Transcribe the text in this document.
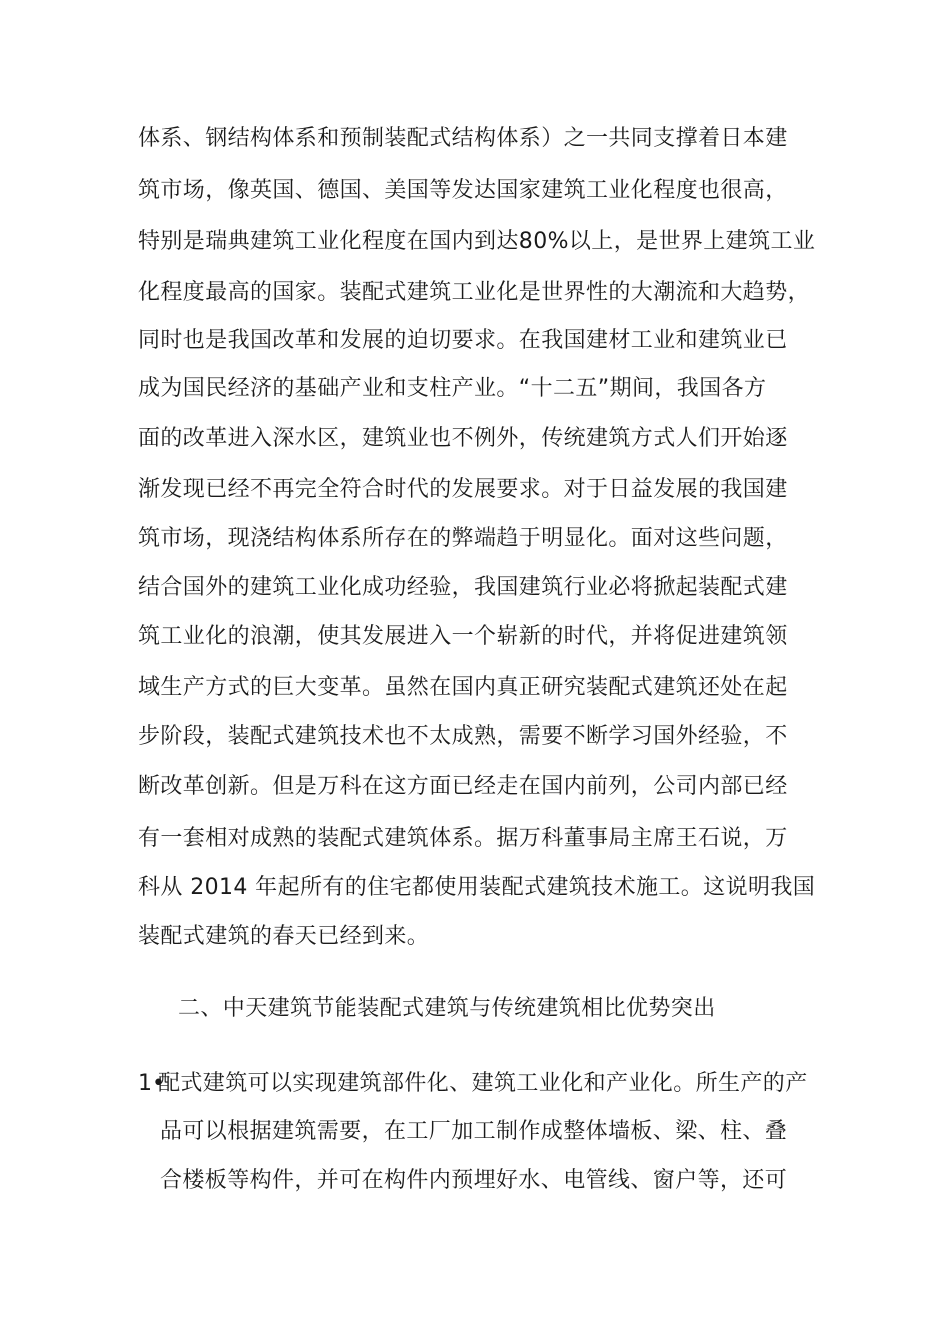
体系、钢结构体系和预制装配式结构体系）之一共同支撑着日本建
筑市场，像英国、德国、美国等发达国家建筑工业化程度也很高，
特别是瑞典建筑工业化程度在国内到达80%以上，是世界上建筑工业
化程度最高的国家。装配式建筑工业化是世界性的大潮流和大趋势，
同时也是我国改革和发展的迫切要求。在我国建材工业和建筑业已
成为国民经济的基础产业和支柱产业。“十二五”期间，我国各方
面的改革进入深水区，建筑业也不例外，传统建筑方式人们开始逐
渐发现已经不再完全符合时代的发展要求。对于日益发展的我国建
筑市场，现浇结构体系所存在的弊端趋于明显化。面对这些问题，
结合国外的建筑工业化成功经验，我国建筑行业必将掀起装配式建
筑工业化的浪潮，使其发展进入一个崭新的时代，并将促进建筑领
域生产方式的巨大变革。虽然在国内真正研究装配式建筑还处在起
步阶段，装配式建筑技术也不太成熟，需要不断学习国外经验，不
断改革创新。但是万科在这方面已经走在国内前列，公司内部已经
有一套相对成熟的装配式建筑体系。据万科董事局主席王石说，万
科从 2014 年起所有的住宅都使用装配式建筑技术施工。这说明我国
装配式建筑的春天已经到来。
二、中天建筑节能装配式建筑与传统建筑相比优势突出
1•
配式建筑可以实现建筑部件化、建筑工业化和产业化。所生产的产
品可以根据建筑需要，在工厂加工制作成整体墙板、梁、柱、叠
合楼板等构件，并可在构件内预埋好水、电管线、窗户等，还可
